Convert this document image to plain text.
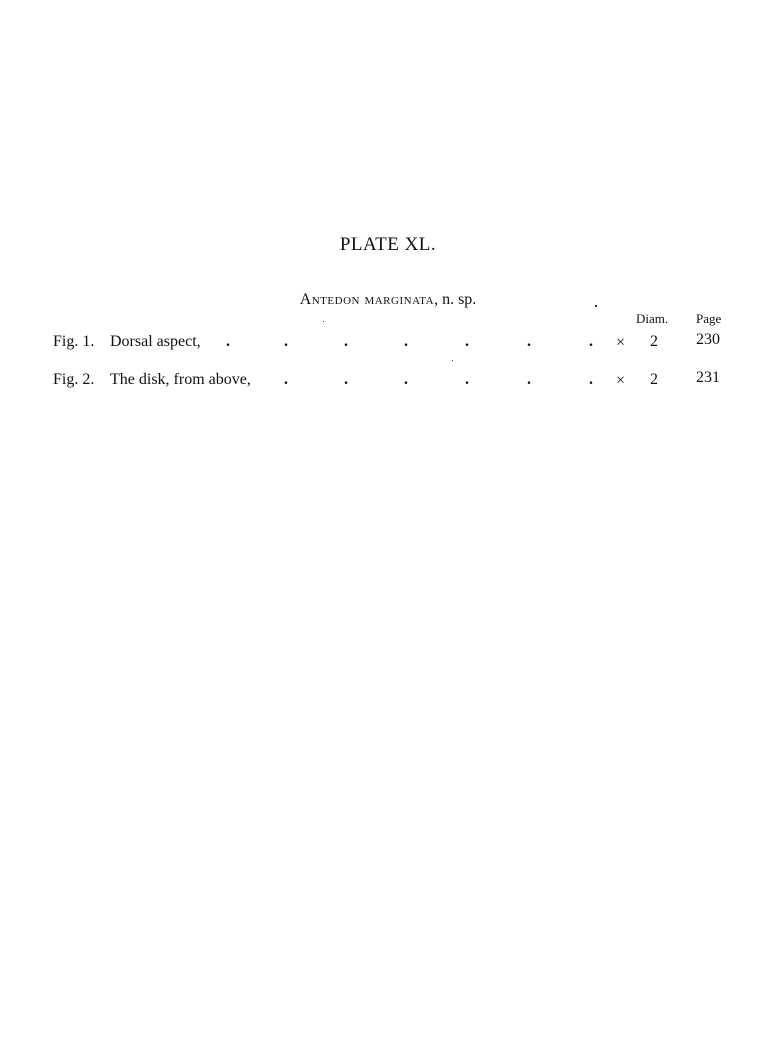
PLATE XL.
Antedon marginata, n. sp.
Diam. Page
Fig. 1. Dorsal aspect, .	.	.	.	.	.	. × 2 230
Fig. 2. The disk, from above, .	.	.	.	.	. × 2 231
